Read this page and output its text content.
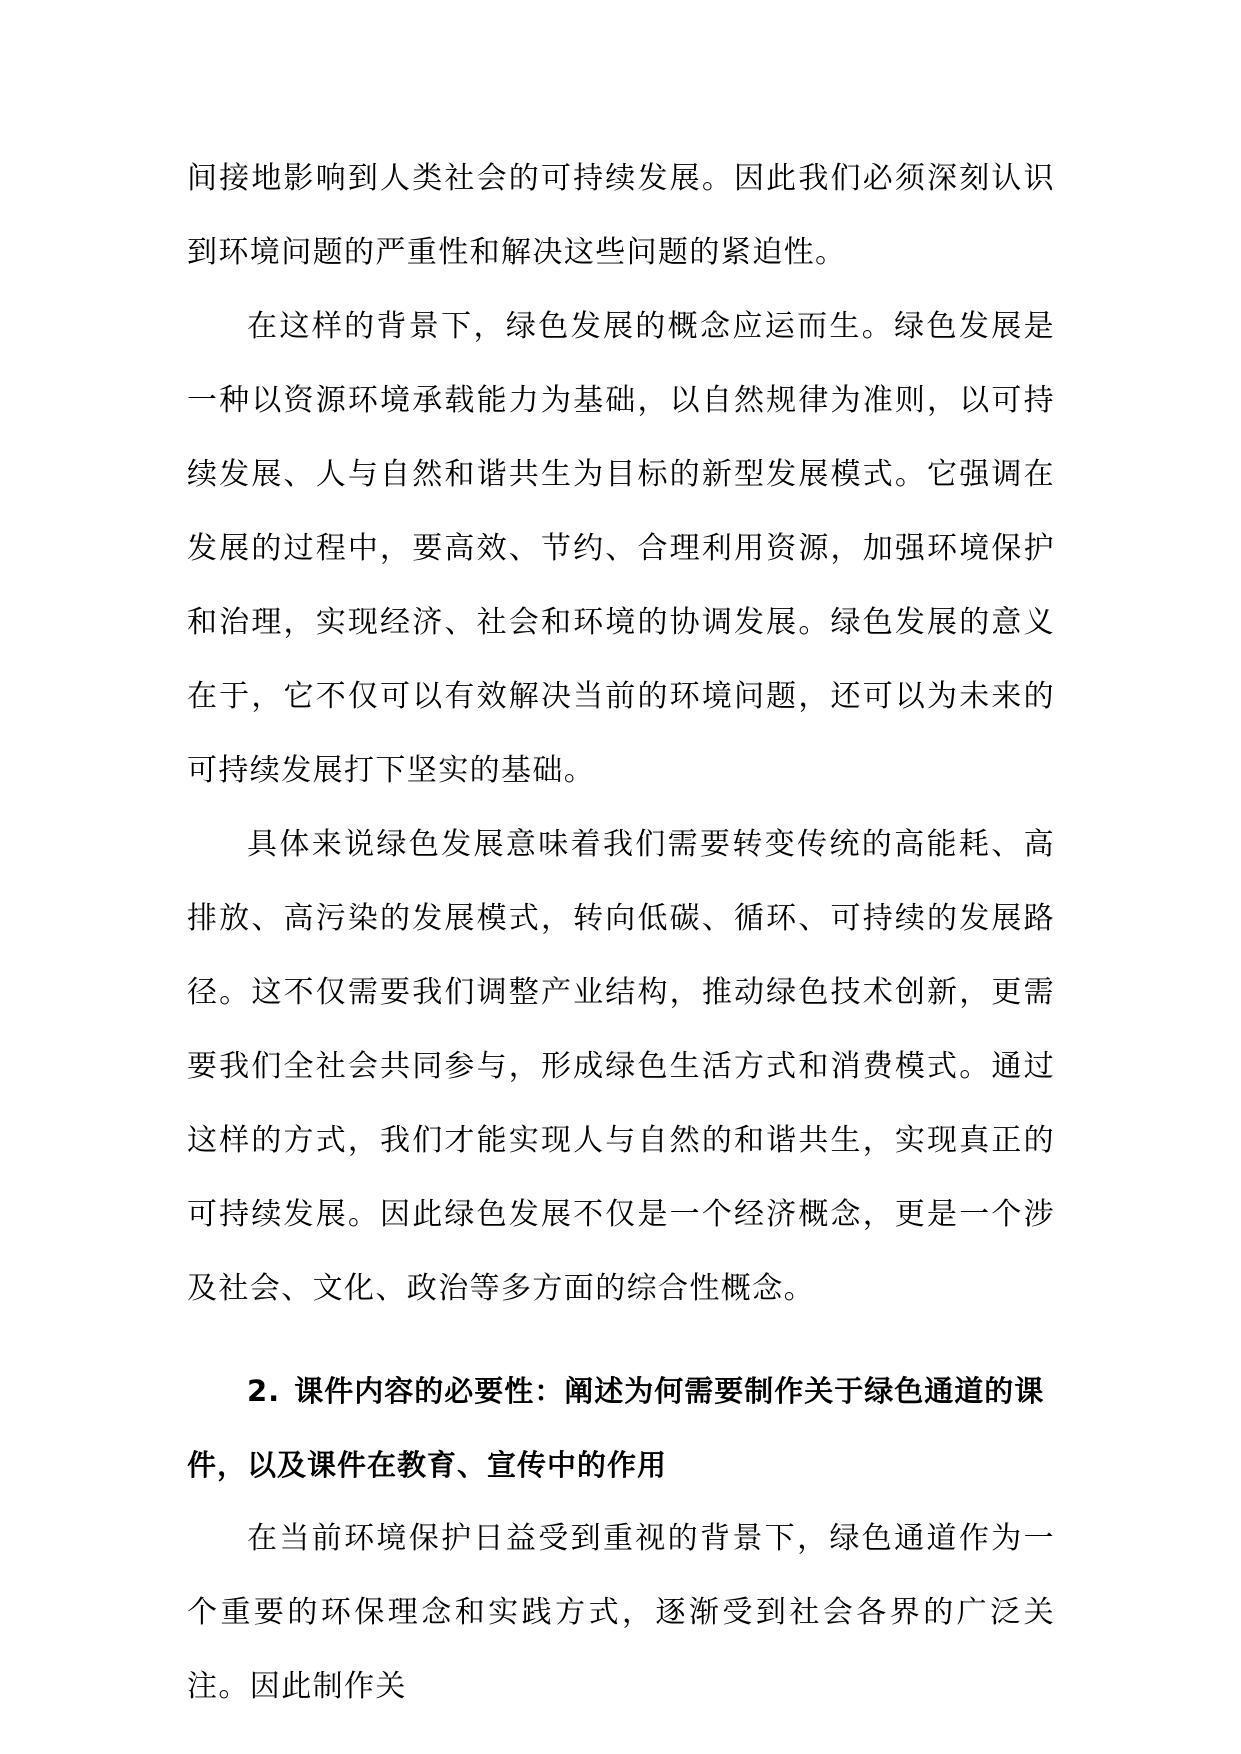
间接地影响到人类社会的可持续发展。因此我们必须深刻认识到环境问题的严重性和解决这些问题的紧迫性。

在这样的背景下，绿色发展的概念应运而生。绿色发展是一种以资源环境承载能力为基础，以自然规律为准则，以可持续发展、人与自然和谐共生为目标的新型发展模式。它强调在发展的过程中，要高效、节约、合理利用资源，加强环境保护和治理，实现经济、社会和环境的协调发展。绿色发展的意义在于，它不仅可以有效解决当前的环境问题，还可以为未来的可持续发展打下坚实的基础。

具体来说绿色发展意味着我们需要转变传统的高能耗、高排放、高污染的发展模式，转向低碳、循环、可持续的发展路径。这不仅需要我们调整产业结构，推动绿色技术创新，更需要我们全社会共同参与，形成绿色生活方式和消费模式。通过这样的方式，我们才能实现人与自然的和谐共生，实现真正的可持续发展。因此绿色发展不仅是一个经济概念，更是一个涉及社会、文化、政治等多方面的综合性概念。

2. 课件内容的必要性：阐述为何需要制作关于绿色通道的课件，以及课件在教育、宣传中的作用

在当前环境保护日益受到重视的背景下，绿色通道作为一个重要的环保理念和实践方式，逐渐受到社会各界的广泛关注。因此制作关
